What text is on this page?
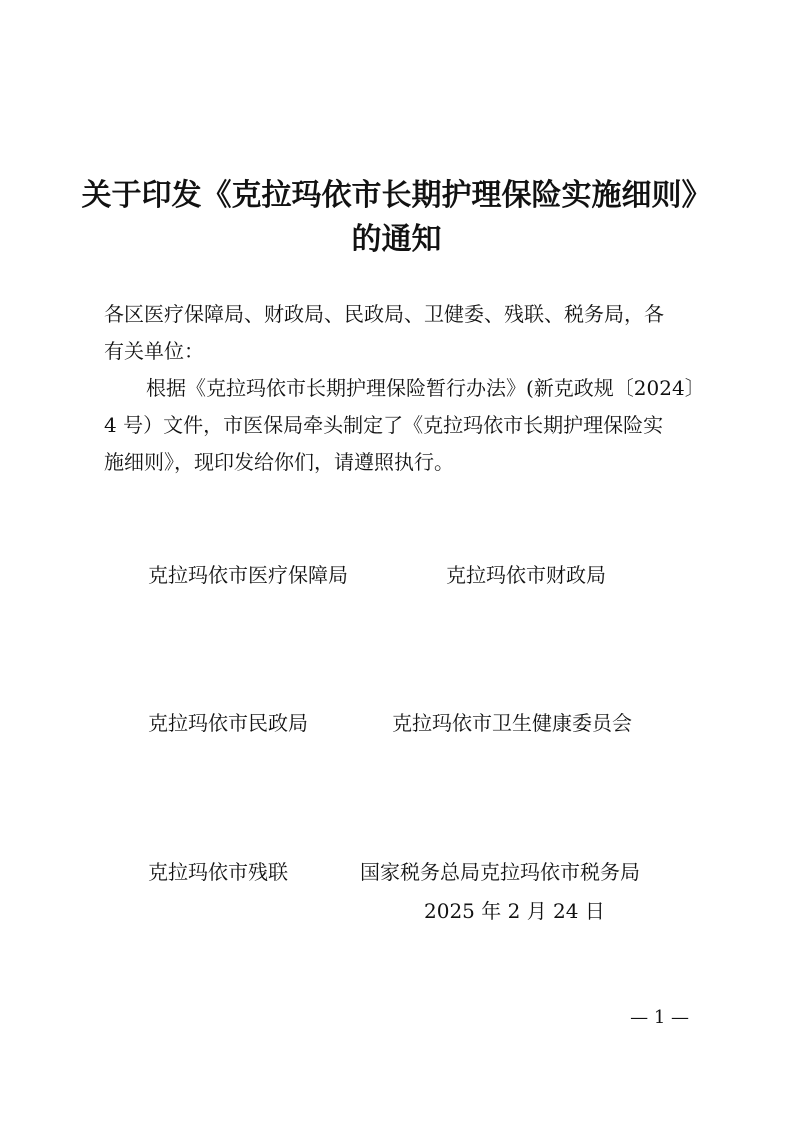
关于印发《克拉玛依市长期护理保险实施细则》
的通知
各区医疗保障局、财政局、民政局、卫健委、残联、税务局，各
有关单位：
根据《克拉玛依市长期护理保险暂行办法》(新克政规〔2024〕
4 号）文件，市医保局牵头制定了《克拉玛依市长期护理保险实
施细则》，现印发给你们，请遵照执行。
克拉玛依市医疗保障局	克拉玛依市财政局
克拉玛依市民政局	克拉玛依市卫生健康委员会
克拉玛依市残联	国家税务总局克拉玛依市税务局
2025 年 2 月 24 日
— 1 —
